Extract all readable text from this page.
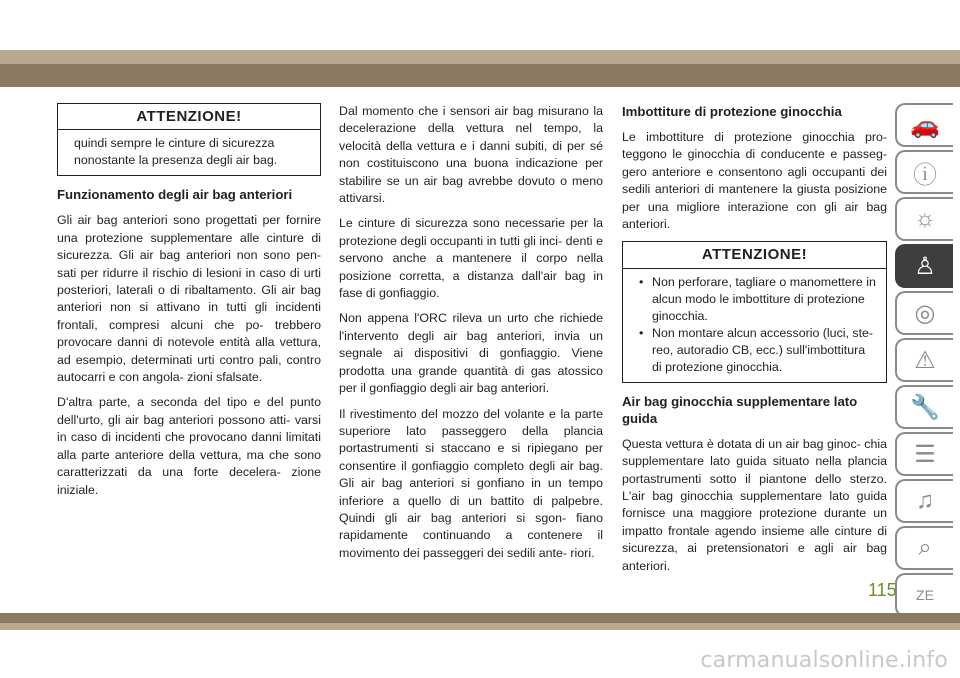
ATTENZIONE!
quindi sempre le cinture di sicurezza nonostante la presenza degli air bag.
Funzionamento degli air bag anteriori

Gli air bag anteriori sono progettati per fornire una protezione supplementare alle cinture di sicurezza. Gli air bag anteriori non sono pen- sati per ridurre il rischio di lesioni in caso di urti posteriori, laterali o di ribaltamento. Gli air bag anteriori non si attivano in tutti gli incidenti frontali, compresi alcuni che po- trebbero provocare danni di notevole entità alla vettura, ad esempio, determinati urti contro pali, contro autocarri e con angola- zioni sfalsate.

D'altra parte, a seconda del tipo e del punto dell'urto, gli air bag anteriori possono atti- varsi in caso di incidenti che provocano danni limitati alla parte anteriore della vettura, ma che sono caratterizzati da una forte decelera- zione iniziale.

Dal momento che i sensori air bag misurano la decelerazione della vettura nel tempo, la velocità della vettura e i danni subiti, di per sé non costituiscono una buona indicazione per stabilire se un air bag avrebbe dovuto o meno attivarsi.

Le cinture di sicurezza sono necessarie per la protezione degli occupanti in tutti gli inci- denti e servono anche a mantenere il corpo nella posizione corretta, a distanza dall'air bag in fase di gonfiaggio.

Non appena l'ORC rileva un urto che richiede l'intervento degli air bag anteriori, invia un segnale ai dispositivi di gonfiaggio. Viene prodotta una grande quantità di gas atossico per il gonfiaggio degli air bag anteriori.

Il rivestimento del mozzo del volante e la parte superiore lato passeggero della plancia portastrumenti si staccano e si ripiegano per consentire il gonfiaggio completo degli air bag. Gli air bag anteriori si gonfiano in un tempo inferiore a quello di un battito di palpebre. Quindi gli air bag anteriori si sgon- fiano rapidamente continuando a contenere il movimento dei passeggeri dei sedili ante- riori.

Imbottiture di protezione ginocchia

Le imbottiture di protezione ginocchia pro- teggono le ginocchia di conducente e passeg- gero anteriore e consentono agli occupanti dei sedili anteriori di mantenere la giusta posizione per una migliore interazione con gli air bag anteriori.

ATTENZIONE!
• Non perforare, tagliare o manomettere in alcun modo le imbottiture di protezione ginocchia.
• Non montare alcun accessorio (luci, ste- reo, autoradio CB, ecc.) sull'imbottitura di protezione ginocchia.
Air bag ginocchia supplementare lato guida

Questa vettura è dotata di un air bag ginoc- chia supplementare lato guida situato nella plancia portastrumenti sotto il piantone dello sterzo. L'air bag ginocchia supplementare lato guida fornisce una maggiore protezione durante un impatto frontale agendo insieme alle cinture di sicurezza, ai pretensionatori e agli air bag anteriori.

🚗
ⓘ
☼
♙
◎
⚠
🔧
☰
♫
⌕
ZE
115
carmanualsonline.info
